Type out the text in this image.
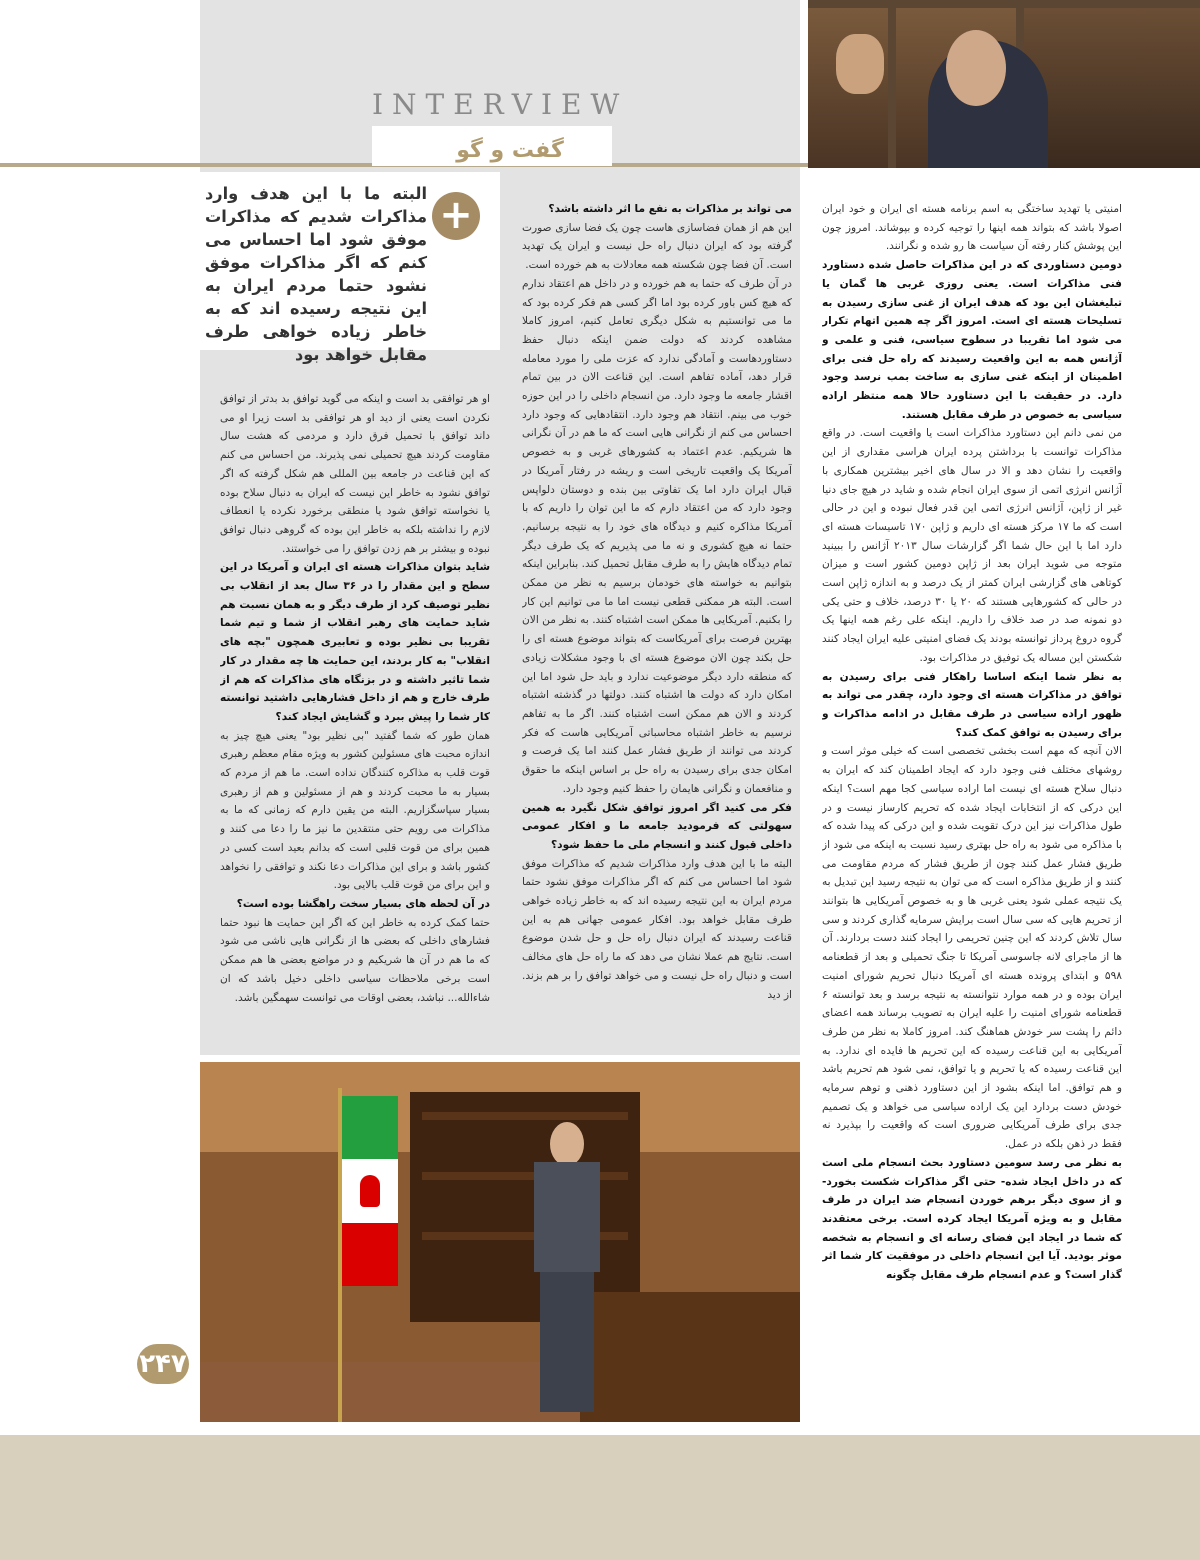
INTERVIEW
گفت و گو
+
البته ما با این هدف وارد مذاکرات شدیم که مذاکرات موفق شود اما احساس می کنم که اگر مذاکرات موفق نشود حتما مردم ایران به این نتیجه رسیده اند که به خاطر زیاده خواهی طرف مقابل خواهد بود

امنیتی یا تهدید ساختگی به اسم برنامه هسته ای ایران و خود ایران اصولا باشد که بتواند همه اینها را توجیه کرده و بپوشاند. امروز چون این پوشش کنار رفته آن سیاست ها رو شده و نگرانند.

دومین دستاوردی که در این مذاکرات حاصل شده دستاورد فنی مذاکرات است. یعنی روزی غربی ها گمان یا تبلیغشان این بود که هدف ایران از غنی سازی رسیدن به تسلیحات هسته ای است. امروز اگر چه همین اتهام تکرار می شود اما تقریبا در سطوح سیاسی، فنی و علمی و آژانس همه به این واقعیت رسیدند که راه حل فنی برای اطمینان از اینکه غنی سازی به ساخت بمب نرسد وجود دارد. در حقیقت با این دستاورد حالا همه منتظر اراده سیاسی به خصوص در طرف مقابل هستند.

من نمی دانم این دستاورد مذاکرات است یا واقعیت است. در واقع مذاکرات توانست با برداشتن پرده ایران هراسی مقداری از این واقعیت را نشان دهد و الا در سال های اخیر بیشترین همکاری با آژانس انرژی اتمی از سوی ایران انجام شده و شاید در هیچ جای دنیا غیر از ژاپن، آژانس انرژی اتمی این قدر فعال نبوده و این در حالی است که ما ۱۷ مرکز هسته ای داریم و ژاپن ۱۷۰ تاسیسات هسته ای دارد اما با این حال شما اگر گزارشات سال ۲۰۱۳ آژانس را ببینید متوجه می شوید ایران بعد از ژاپن دومین کشور است و میزان کوتاهی های گزارشی ایران کمتر از یک درصد و به اندازه ژاپن است در حالی که کشورهایی هستند که ۲۰ یا ۳۰ درصد، خلاف و حتی یکی دو نمونه صد در صد خلاف را داریم. اینکه علی رغم همه اینها یک گروه دروغ پرداز توانسته بودند یک فضای امنیتی علیه ایران ایجاد کنند شکستن این مساله یک توفیق در مذاکرات بود.

به نظر شما اینکه اساسا راهکار فنی برای رسیدن به توافق در مذاکرات هسته ای وجود دارد، چقدر می تواند به ظهور اراده سیاسی در طرف مقابل در ادامه مذاکرات و برای رسیدن به توافق کمک کند؟

الان آنچه که مهم است بخشی تخصصی است که خیلی موثر است و روشهای مختلف فنی وجود دارد که ایجاد اطمینان کند که ایران به دنبال سلاح هسته ای نیست اما اراده سیاسی کجا مهم است؟ اینکه این درکی که از انتخابات ایجاد شده که تحریم کارساز نیست و در طول مذاکرات نیز این درک تقویت شده و این درکی که پیدا شده که با مذاکره می شود به راه حل بهتری رسید نسبت به اینکه می شود از طریق فشار عمل کنند چون از طریق فشار که مردم مقاومت می کنند و از طریق مذاکره است که می توان به نتیجه رسید این تبدیل به یک نتیجه عملی شود یعنی غربی ها و به خصوص آمریکایی ها بتوانند از تحریم هایی که سی سال است برایش سرمایه گذاری کردند و سی سال تلاش کردند که این چنین تحریمی را ایجاد کنند دست بردارند. آن ها از ماجرای لانه جاسوسی آمریکا تا جنگ تحمیلی و بعد از قطعنامه ۵۹۸ و ابتدای پرونده هسته ای آمریکا دنبال تحریم شورای امنیت ایران بوده و در همه موارد نتوانسته به نتیجه برسد و بعد توانسته ۶ قطعنامه شورای امنیت را علیه ایران به تصویب برساند همه اعضای دائم را پشت سر خودش هماهنگ کند. امروز کاملا به نظر من طرف آمریکایی به این قناعت رسیده که این تحریم ها فایده ای ندارد. به این قناعت رسیده که یا تحریم و یا توافق، نمی شود هم تحریم باشد و هم توافق. اما اینکه بشود از این دستاورد ذهنی و توهم سرمایه خودش دست بردارد این یک اراده سیاسی می خواهد و یک تصمیم جدی برای طرف آمریکایی ضروری است که واقعیت را بپذیرد نه فقط در ذهن بلکه در عمل.

به نظر می رسد سومین دستاورد بحث انسجام ملی است که در داخل ایجاد شده- حتی اگر مذاکرات شکست بخورد- و از سوی دیگر برهم خوردن انسجام ضد ایران در طرف مقابل و به ویژه آمریکا ایجاد کرده است. برخی معتقدند که شما در ایجاد این فضای رسانه ای و انسجام به شخصه موثر بودید. آیا این انسجام داخلی در موفقیت کار شما اثر گذار است؟ و عدم انسجام طرف مقابل چگونه

می تواند بر مذاکرات به نفع ما اثر داشته باشد؟

این هم از همان فضاسازی هاست چون یک فضا سازی صورت گرفته بود که ایران دنبال راه حل نیست و ایران یک تهدید است. آن فضا چون شکسته همه معادلات به هم خورده است.

در آن طرف که حتما به هم خورده و در داخل هم اعتقاد ندارم که هیچ کس باور کرده بود اما اگر کسی هم فکر کرده بود که ما می توانستیم به شکل دیگری تعامل کنیم، امروز کاملا مشاهده کردند که دولت ضمن اینکه دنبال حفظ دستاوردهاست و آمادگی ندارد که عزت ملی را مورد معامله قرار دهد، آماده تفاهم است. این قناعت الان در بین تمام اقشار جامعه ما وجود دارد. من انسجام داخلی را در این حوزه خوب می بینم. انتقاد هم وجود دارد. انتقادهایی که وجود دارد احساس می کنم از نگرانی هایی است که ما هم در آن نگرانی ها شریکیم. عدم اعتماد به کشورهای غربی و به خصوص آمریکا یک واقعیت تاریخی است و ریشه در رفتار آمریکا در قبال ایران دارد اما یک تفاوتی بین بنده و دوستان دلواپس وجود دارد که من اعتقاد دارم که ما این توان را داریم که با آمریکا مذاکره کنیم و دیدگاه های خود را به نتیجه برسانیم. حتما نه هیچ کشوری و نه ما می پذیریم که یک طرف دیگر تمام دیدگاه هایش را به طرف مقابل تحمیل کند. بنابراین اینکه بتوانیم به خواسته های خودمان برسیم به نظر من ممکن است. البته هر ممکنی قطعی نیست اما ما می توانیم این کار را بکنیم. آمریکایی ها ممکن است اشتباه کنند. به نظر من الان بهترین فرصت برای آمریکاست که بتواند موضوع هسته ای را حل بکند چون الان موضوع هسته ای با وجود مشکلات زیادی که منطقه دارد دیگر موضوعیت ندارد و باید حل شود اما این امکان دارد که دولت ها اشتباه کنند. دولتها در گذشته اشتباه کردند و الان هم ممکن است اشتباه کنند. اگر ما به تفاهم نرسیم به خاطر اشتباه محاسباتی آمریکایی هاست که فکر کردند می توانند از طریق فشار عمل کنند اما یک فرصت و امکان جدی برای رسیدن به راه حل بر اساس اینکه ما حقوق و منافعمان و نگرانی هایمان را حفظ کنیم وجود دارد.

فکر می کنید اگر امروز توافق شکل نگیرد به همین سهولتی که فرمودید جامعه ما و افکار عمومی داخلی قبول کنند و انسجام ملی ما حفظ شود؟

البته ما با این هدف وارد مذاکرات شدیم که مذاکرات موفق شود اما احساس می کنم که اگر مذاکرات موفق نشود حتما مردم ایران به این نتیجه رسیده اند که به خاطر زیاده خواهی طرف مقابل خواهد بود. افکار عمومی جهانی هم به این قناعت رسیدند که ایران دنبال راه حل و حل شدن موضوع است. نتایج هم عملا نشان می دهد که ما راه حل های مخالف است و دنبال راه حل نیست و می خواهد توافق را بر هم بزند. از دید

او هر توافقی بد است و اینکه می گوید توافق بد بدتر از توافق نکردن است یعنی از دید او هر توافقی بد است زیرا او می داند توافق با تحمیل فرق دارد و مردمی که هشت سال مقاومت کردند هیچ تحمیلی نمی پذیرند. من احساس می کنم که این قناعت در جامعه بین المللی هم شکل گرفته که اگر توافق نشود به خاطر این نیست که ایران به دنبال سلاح بوده یا نخواسته توافق شود یا منطقی برخورد نکرده یا انعطاف لازم را نداشته بلکه به خاطر این بوده که گروهی دنبال توافق نبوده و بیشتر بر هم زدن توافق را می خواستند.

شاید بتوان مذاکرات هسته ای ایران و آمریکا در این سطح و این مقدار را در ۳۶ سال بعد از انقلاب بی نظیر توصیف کرد از طرف دیگر و به همان نسبت هم شاید حمایت های رهبر انقلاب از شما و تیم شما تقریبا بی نظیر بوده و تعابیری همچون "بچه های انقلاب" به کار بردند، این حمایت ها چه مقدار در کار شما تاثیر داشته و در بزنگاه های مذاکرات که هم از طرف خارج و هم از داخل فشارهایی داشتید توانسته کار شما را پیش ببرد و گشایش ایجاد کند؟

همان طور که شما گفتید "بی نظیر بود" یعنی هیچ چیز به اندازه محبت های مسئولین کشور به ویژه مقام معظم رهبری قوت قلب به مذاکره کنندگان نداده است. ما هم از مردم که بسیار به ما محبت کردند و هم از مسئولین و هم از رهبری بسیار سپاسگزاریم. البته من یقین دارم که زمانی که ما به مذاکرات می رویم حتی منتقدین ما نیز ما را دعا می کنند و همین برای من قوت قلبی است که بدانم بعید است کسی در کشور باشد و برای این مذاکرات دعا نکند و توافقی را نخواهد و این برای من قوت قلب بالایی بود.

در آن لحظه های بسیار سخت راهگشا بوده است؟

حتما کمک کرده به خاطر این که اگر این حمایت ها نبود حتما فشارهای داخلی که بعضی ها از نگرانی هایی ناشی می شود که ما هم در آن ها شریکیم و در مواضع بعضی ها هم ممکن است برخی ملاحظات سیاسی داخلی دخیل باشد که ان شاءالله... نباشد، بعضی اوقات می توانست سهمگین باشد.

۲۴۷
